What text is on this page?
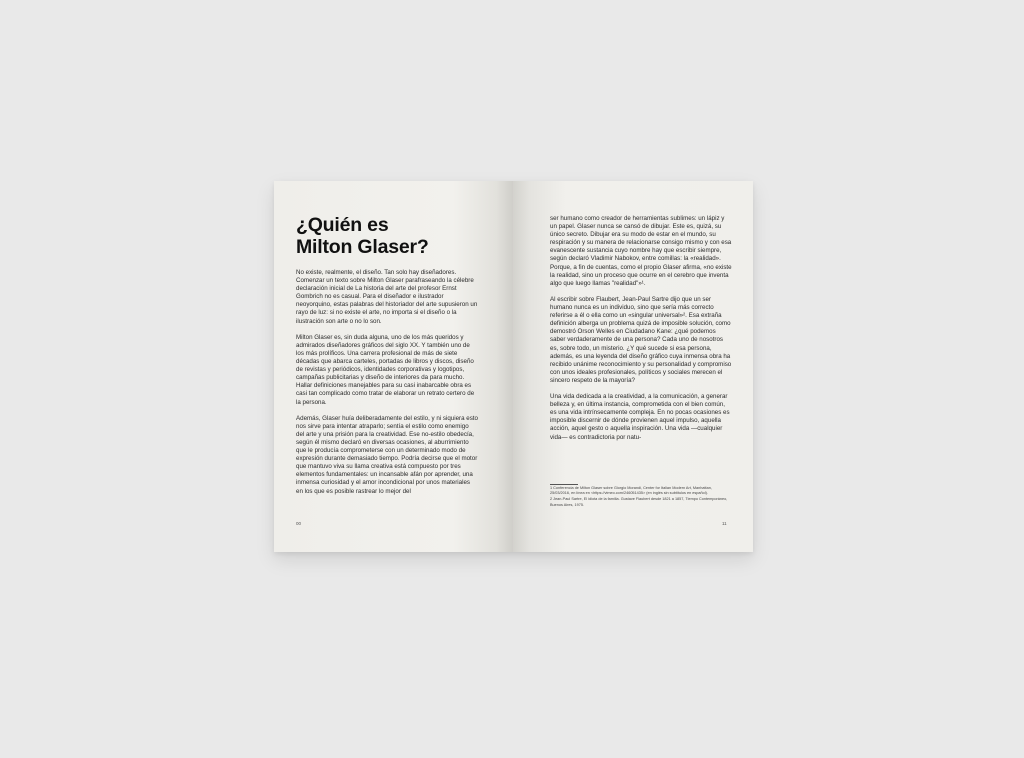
¿Quién es
Milton Glaser?
No existe, realmente, el diseño. Tan solo hay diseñadores. Comenzar un texto sobre Milton Glaser parafraseando la célebre declaración inicial de La historia del arte del profesor Ernst Gombrich no es casual. Para el diseñador e ilustrador neoyorquino, estas palabras del historiador del arte supusieron un rayo de luz: si no existe el arte, no importa si el diseño o la ilustración son arte o no lo son.
Milton Glaser es, sin duda alguna, uno de los más queridos y admirados diseñadores gráficos del siglo XX. Y también uno de los más prolíficos. Una carrera profesional de más de siete décadas que abarca carteles, portadas de libros y discos, diseño de revistas y periódicos, identidades corporativas y logotipos, campañas publicitarias y diseño de interiores da para mucho. Hallar definiciones manejables para su casi inabarcable obra es casi tan complicado como tratar de elaborar un retrato certero de la persona.
Además, Glaser huía deliberadamente del estilo, y ni siquiera esto nos sirve para intentar atraparlo; sentía el estilo como enemigo del arte y una prisión para la creatividad. Ese no-estilo obedecía, según él mismo declaró en diversas ocasiones, al aburrimiento que le producía comprometerse con un determinado modo de expresión durante demasiado tiempo. Podría decirse que el motor que mantuvo viva su llama creativa está compuesto por tres elementos fundamentales: un incansable afán por aprender, una inmensa curiosidad y el amor incondicional por unos materiales en los que es posible rastrear lo mejor del
ser humano como creador de herramientas sublimes: un lápiz y un papel. Glaser nunca se cansó de dibujar. Este es, quizá, su único secreto. Dibujar era su modo de estar en el mundo, su respiración y su manera de relacionarse consigo mismo y con esa evanescente sustancia cuyo nombre hay que escribir siempre, según declaró Vladimir Nabokov, entre comillas: la «realidad». Porque, a fin de cuentas, como el propio Glaser afirma, «no existe la realidad, sino un proceso que ocurre en el cerebro que inventa algo que luego llamas "realidad"»¹.
Al escribir sobre Flaubert, Jean-Paul Sartre dijo que un ser humano nunca es un individuo, sino que sería más correcto referirse a él o ella como un «singular universal»². Esa extraña definición alberga un problema quizá de imposible solución, como demostró Orson Welles en Ciudadano Kane: ¿qué podemos saber verdaderamente de una persona? Cada uno de nosotros es, sobre todo, un misterio. ¿Y qué sucede si esa persona, además, es una leyenda del diseño gráfico cuya inmensa obra ha recibido unánime reconocimiento y su personalidad y compromiso con unos ideales profesionales, políticos y sociales merecen el sincero respeto de la mayoría?
Una vida dedicada a la creatividad, a la comunicación, a generar belleza y, en última instancia, comprometida con el bien común, es una vida intrínsecamente compleja. En no pocas ocasiones es imposible discernir de dónde provienen aquel impulso, aquella acción, aquel gesto o aquella inspiración. Una vida —cualquier vida— es contradictoria por natu-
1 Conferencia de Milton Glaser sobre Giorgio Morandi, Center for Italian Modern Art, Manhattan, 25/03/2016, en línea en <https://vimeo.com/246051435> (en inglés sin subtítulos en español).
2 Jean-Paul Sartre, El idiota de la familia. Gustave Flaubert desde 1821 a 1857, Tiempo Contemporáneo, Buenos Aires, 1975.
00	11
